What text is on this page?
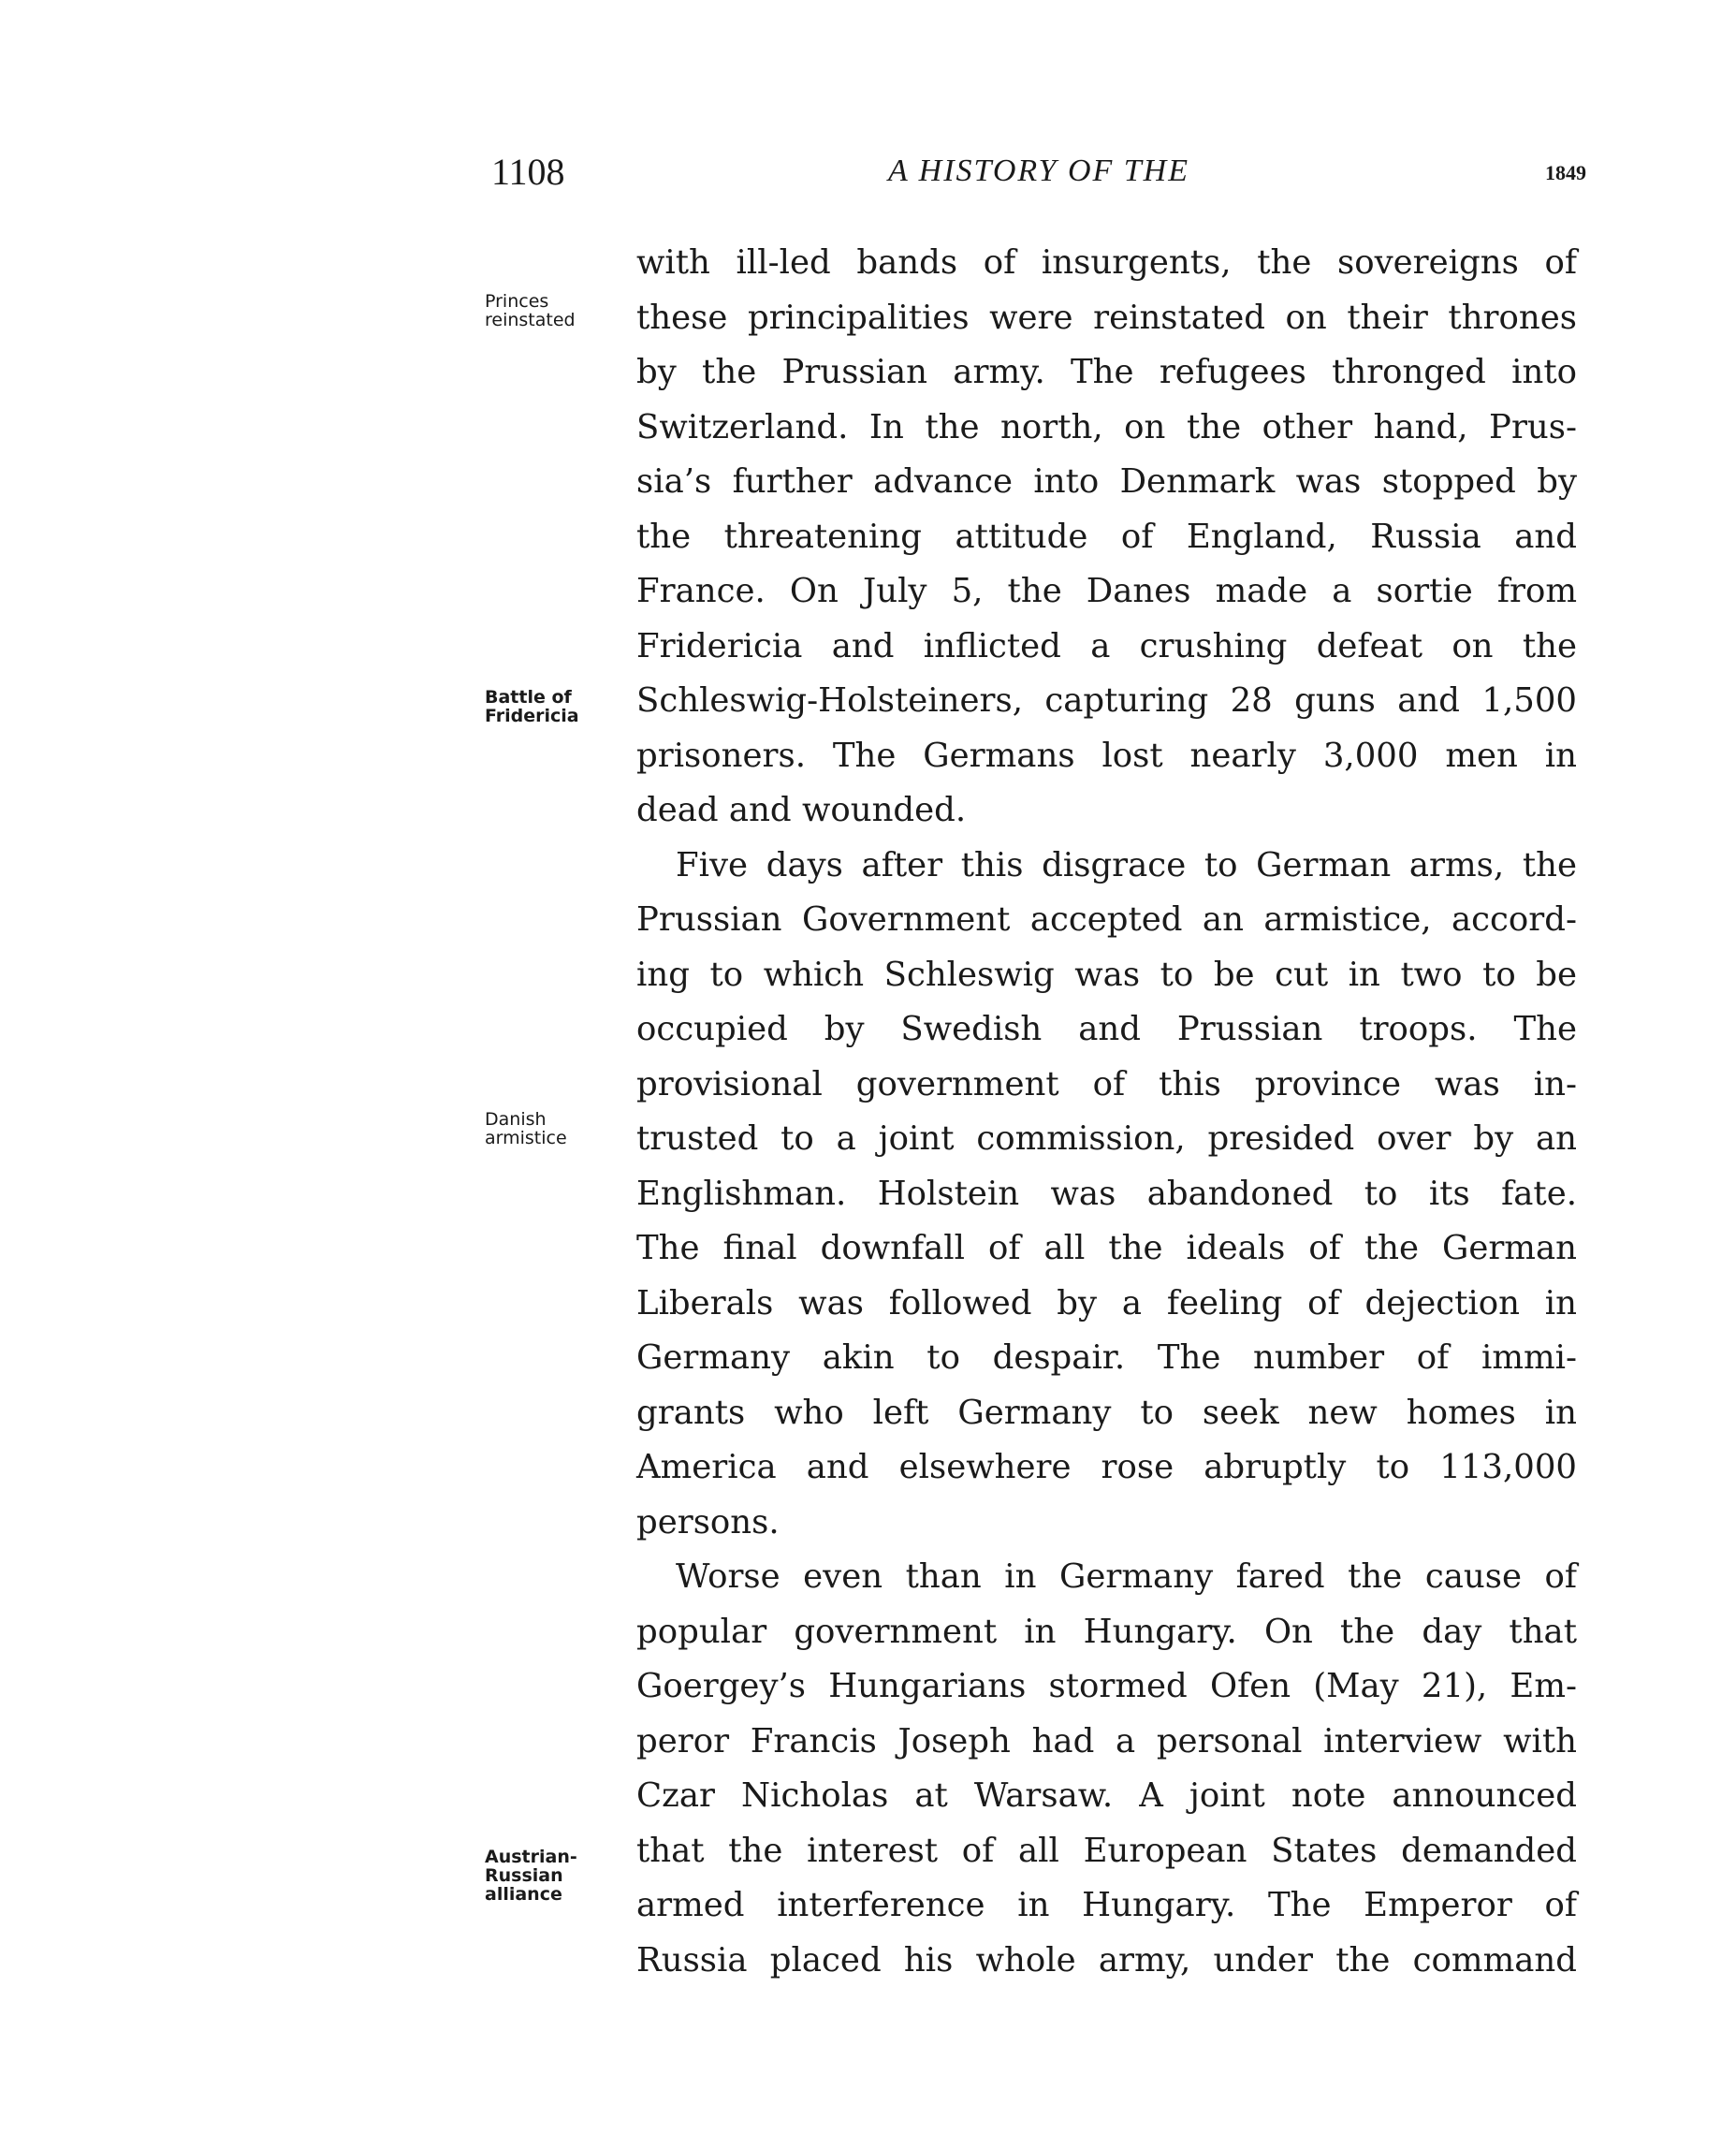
1108	A HISTORY OF THE	1849
Princes
reinstated
Battle of
Fridericia
Danish
armistice
Austrian-
Russian
alliance
with ill-led bands of insurgents, the sovereigns of
these principalities were reinstated on their thrones
by the Prussian army. The refugees thronged into
Switzerland. In the north, on the other hand, Prus-
sia’s further advance into Denmark was stopped by
the threatening attitude of England, Russia and
France. On July 5, the Danes made a sortie from
Fridericia and inflicted a crushing defeat on the
Schleswig-Holsteiners, capturing 28 guns and 1,500
prisoners. The Germans lost nearly 3,000 men in
dead and wounded.
Five days after this disgrace to German arms, the
Prussian Government accepted an armistice, accord-
ing to which Schleswig was to be cut in two to be
occupied by Swedish and Prussian troops. The
provisional government of this province was in-
trusted to a joint commission, presided over by an
Englishman. Holstein was abandoned to its fate.
The final downfall of all the ideals of the German
Liberals was followed by a feeling of dejection in
Germany akin to despair. The number of immi-
grants who left Germany to seek new homes in
America and elsewhere rose abruptly to 113,000
persons.
Worse even than in Germany fared the cause of
popular government in Hungary. On the day that
Goergey’s Hungarians stormed Ofen (May 21), Em-
peror Francis Joseph had a personal interview with
Czar Nicholas at Warsaw. A joint note announced
that the interest of all European States demanded
armed interference in Hungary. The Emperor of
Russia placed his whole army, under the command
